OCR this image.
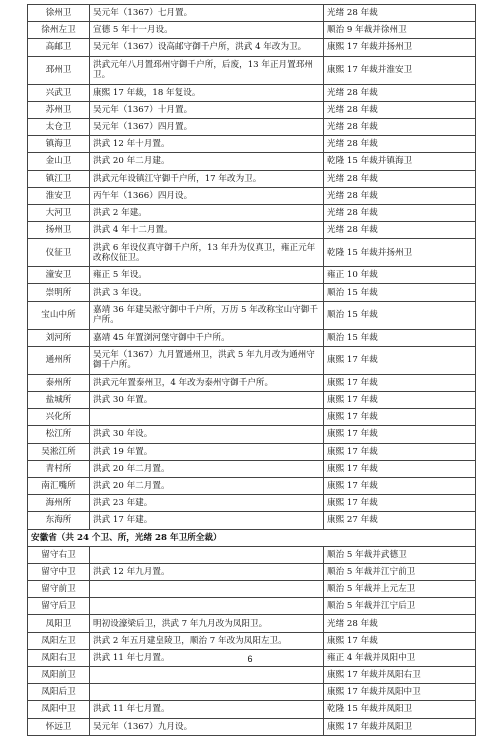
徐州卫	吴元年（1367）七月置。	光绪 28 年裁
徐州左卫	宣德 5 年十一月设。	顺治 9 年裁并徐州卫
高邮卫	吴元年（1367）设高邮守御千户所，洪武 4 年改为卫。	康熙 17 年裁并扬州卫
邳州卫	洪武元年八月置邳州守御千户所，后废，13 年正月置邳州卫。	康熙 17 年裁并淮安卫
兴武卫	康熙 17 年裁，18 年复设。	光绪 28 年裁
苏州卫	吴元年（1367）十月置。	光绪 28 年裁
太仓卫	吴元年（1367）四月置。	光绪 28 年裁
镇海卫	洪武 12 年十月置。	光绪 28 年裁
金山卫	洪武 20 年二月建。	乾隆 15 年裁并镇海卫
镇江卫	洪武元年设镇江守御千户所，17 年改为卫。	光绪 28 年裁
淮安卫	丙午年（1366）四月设。	光绪 28 年裁
大河卫	洪武 2 年建。	光绪 28 年裁
扬州卫	洪武 4 年十二月置。	光绪 28 年裁
仪征卫	洪武 6 年设仪真守御千户所，13 年升为仪真卫，雍正元年改称仪征卫。	乾隆 15 年裁并扬州卫
潼安卫	雍正 5 年设。	雍正 10 年裁
崇明所	洪武 3 年设。	顺治 15 年裁
宝山中所	嘉靖 36 年建吴淞守御中千户所，万历 5 年改称宝山守御千户所。	顺治 15 年裁
刘河所	嘉靖 45 年置浏河堡守御中千户所。	顺治 15 年裁
通州所	吴元年（1367）九月置通州卫，洪武 5 年九月改为通州守御千户所。	康熙 17 年裁
泰州所	洪武元年置泰州卫，4 年改为泰州守御千户所。	康熙 17 年裁
盐城所	洪武 30 年置。	康熙 17 年裁
兴化所		康熙 17 年裁
松江所	洪武 30 年设。	康熙 17 年裁
吴淞江所	洪武 19 年置。	康熙 17 年裁
青村所	洪武 20 年二月置。	康熙 17 年裁
南汇嘴所	洪武 20 年二月置。	康熙 17 年裁
海州所	洪武 23 年建。	康熙 17 年裁
东海所	洪武 17 年建。	康熙 27 年裁
安徽省（共 24 个卫、所，光绪 28 年卫所全裁）		
留守右卫		顺治 5 年裁并武德卫
留守中卫	洪武 12 年九月置。	顺治 5 年裁并江宁前卫
留守前卫		顺治 5 年裁并上元左卫
留守后卫		顺治 5 年裁并江宁后卫
凤阳卫	明初设濠梁后卫，洪武 7 年九月改为凤阳卫。	光绪 28 年裁
凤阳左卫	洪武 2 年五月建皇陵卫，顺治 7 年改为凤阳左卫。	康熙 17 年裁
凤阳右卫	洪武 11 年七月置。	雍正 4 年裁并凤阳中卫
凤阳前卫		康熙 17 年裁并凤阳右卫
凤阳后卫		康熙 17 年裁并凤阳中卫
凤阳中卫	洪武 11 年七月置。	乾隆 15 年裁并凤阳卫
怀远卫	吴元年（1367）九月设。	康熙 17 年裁并凤阳卫
6
